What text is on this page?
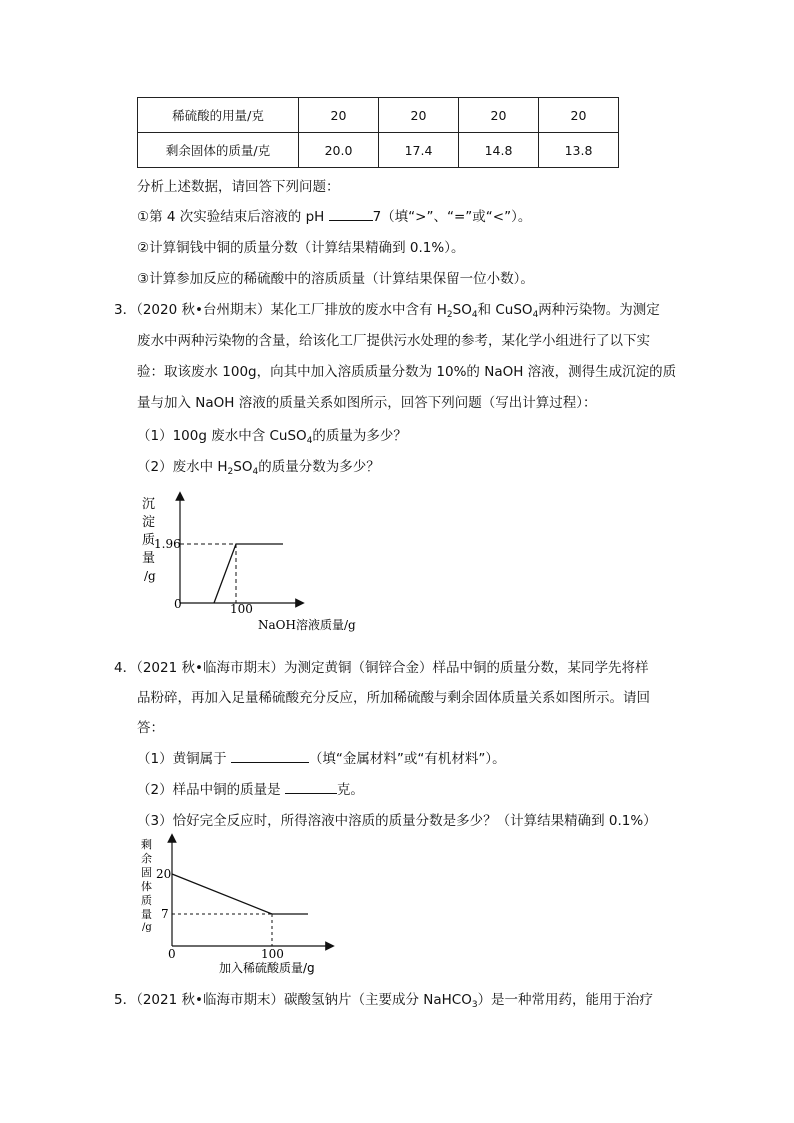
稀硫酸的用量/克	20	20	20	20
剩余固体的质量/克	20.0	17.4	14.8	13.8
分析上述数据，请回答下列问题：
①第 4 次实验结束后溶液的 pH	7（填“>”、“=”或“<”）。
②计算铜钱中铜的质量分数（计算结果精确到 0.1%）。
③计算参加反应的稀硫酸中的溶质质量（计算结果保留一位小数）。
3．（2020 秋•台州期末）某化工厂排放的废水中含有 $H_2SO_4$和 CuSO$_4$两种污染物。为测定
废水中两种污染物的含量，给该化工厂提供污水处理的参考，某化学小组进行了以下实
验：取该废水 100g，向其中加入溶质质量分数为 10%的 NaOH 溶液，测得生成沉淀的质
量与加入 NaOH 溶液的质量关系如图所示，回答下列问题（写出计算过程）：
（1）100g 废水中含 CuSO$_4$的质量为多少？
（2）废水中 $H_2SO_4$的质量分数为多少？
沉
淀
质
量
/g
1.96
0	100
NaOH溶液质量/g
4．（2021 秋•临海市期末）为测定黄铜（铜锌合金）样品中铜的质量分数，某同学先将样
品粉碎，再加入足量稀硫酸充分反应，所加稀硫酸与剩余固体质量关系如图所示。请回
答：
（1）黄铜属于	（填“金属材料”或“有机材料”）。
（2）样品中铜的质量是	克。
（3）恰好完全反应时，所得溶液中溶质的质量分数是多少？（计算结果精确到 0.1%）
剩
余
固
体
质
量
/g
20
7
0	100
加入稀硫酸质量/g
5．（2021 秋•临海市期末）碳酸氢钠片（主要成分 NaHCO$_3$）是一种常用药，能用于治疗
